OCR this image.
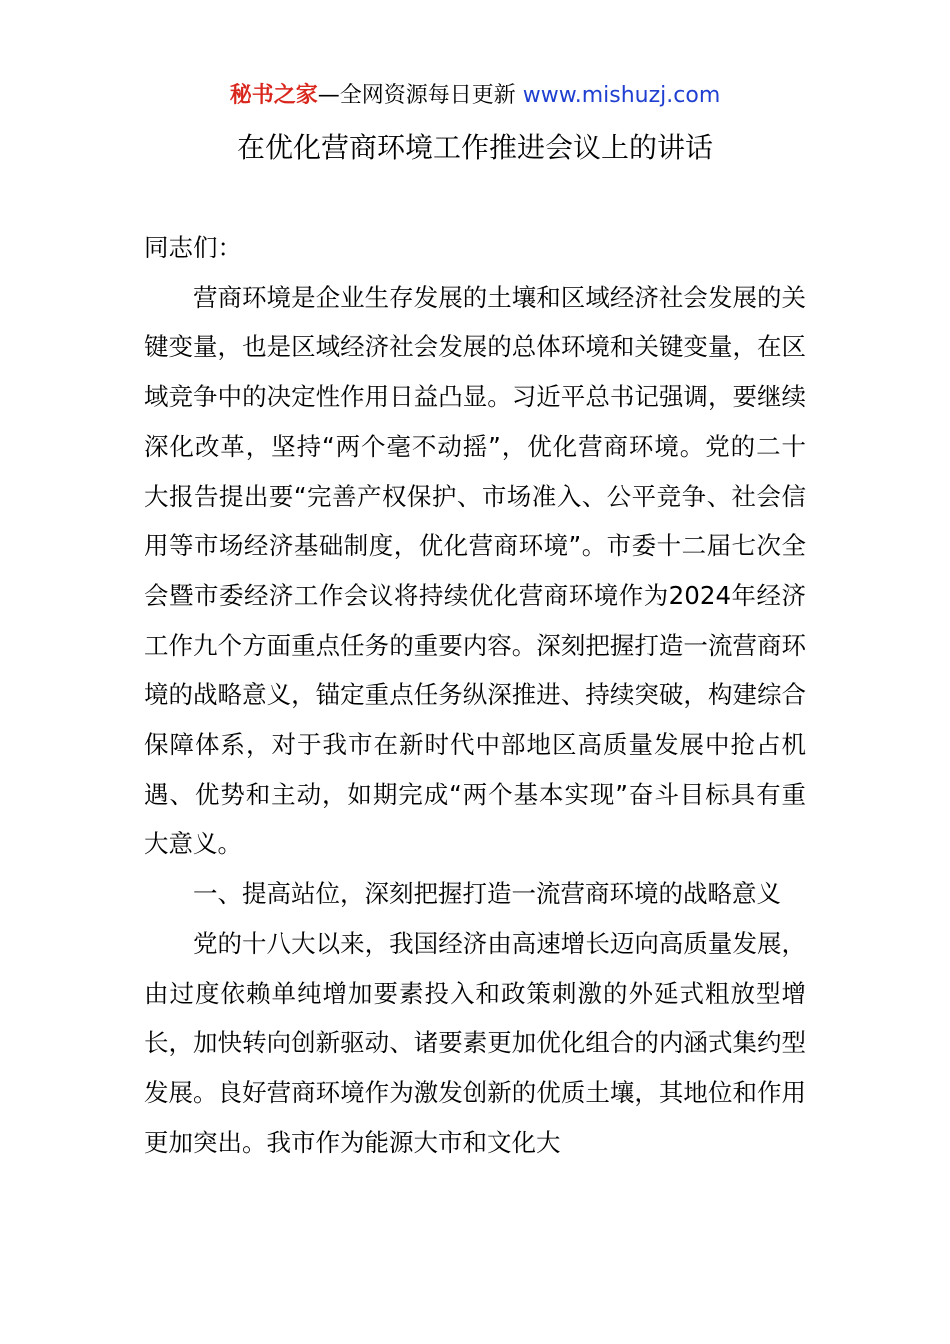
秘书之家—全网资源每日更新 www.mishuzj.com
在优化营商环境工作推进会议上的讲话

同志们：

营商环境是企业生存发展的土壤和区域经济社会发展的关键变量，也是区域经济社会发展的总体环境和关键变量，在区域竞争中的决定性作用日益凸显。习近平总书记强调，要继续深化改革，坚持“两个毫不动摇”，优化营商环境。党的二十大报告提出要“完善产权保护、市场准入、公平竞争、社会信用等市场经济基础制度，优化营商环境”。市委十二届七次全会暨市委经济工作会议将持续优化营商环境作为2024年经济工作九个方面重点任务的重要内容。深刻把握打造一流营商环境的战略意义，锚定重点任务纵深推进、持续突破，构建综合保障体系，对于我市在新时代中部地区高质量发展中抢占机遇、优势和主动，如期完成“两个基本实现”奋斗目标具有重大意义。

一、提高站位，深刻把握打造一流营商环境的战略意义

党的十八大以来，我国经济由高速增长迈向高质量发展，由过度依赖单纯增加要素投入和政策刺激的外延式粗放型增长，加快转向创新驱动、诸要素更加优化组合的内涵式集约型发展。良好营商环境作为激发创新的优质土壤，其地位和作用更加突出。我市作为能源大市和文化大
